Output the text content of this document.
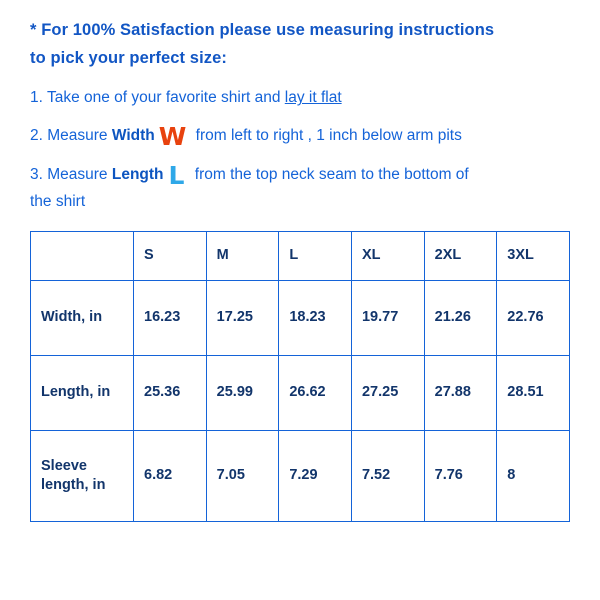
* For 100% Satisfaction please use measuring instructions
to pick your perfect size:
1. Take one of your favorite shirt and lay it flat
2. Measure Width W from left to right , 1 inch below arm pits
3. Measure Length L from the top neck seam to the bottom of
the shirt
	S	M	L	XL	2XL	3XL
Width, in	16.23	17.25	18.23	19.77	21.26	22.76
Length, in	25.36	25.99	26.62	27.25	27.88	28.51
Sleeve length, in	6.82	7.05	7.29	7.52	7.76	8
